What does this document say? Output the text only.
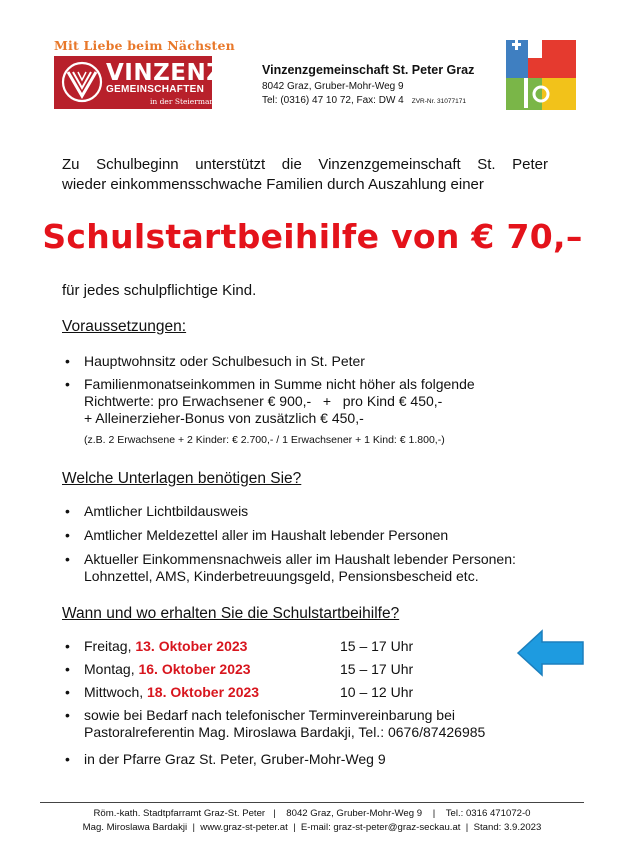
Mit Liebe beim Nächsten
VINZENZ
GEMEINSCHAFTEN
in der Steiermark
Vinzenzgemeinschaft St. Peter Graz
8042 Graz, Gruber-Mohr-Weg 9
Tel: (0316) 47 10 72, Fax: DW 4 ZVR-Nr. 31077171
Zu Schulbeginn unterstützt die Vinzenzgemeinschaft St. Peter
wieder einkommensschwache Familien durch Auszahlung einer
Schulstartbeihilfe von € 70,–
für jedes schulpflichtige Kind.
Voraussetzungen:
• Hauptwohnsitz oder Schulbesuch in St. Peter
• Familienmonatseinkommen in Summe nicht höher als folgende
Richtwerte: pro Erwachsener € 900,-   +   pro Kind € 450,-
+ Alleinerzieher-Bonus von zusätzlich € 450,-
(z.B. 2 Erwachsene + 2 Kinder: € 2.700,- / 1 Erwachsener + 1 Kind: € 1.800,-)
Welche Unterlagen benötigen Sie?
• Amtlicher Lichtbildausweis
• Amtlicher Meldezettel aller im Haushalt lebender Personen
• Aktueller Einkommensnachweis aller im Haushalt lebender Personen:
Lohnzettel, AMS, Kinderbetreuungsgeld, Pensionsbescheid etc.
Wann und wo erhalten Sie die Schulstartbeihilfe?
• Freitag, 13. Oktober 2023	15 – 17 Uhr
• Montag, 16. Oktober 2023	15 – 17 Uhr
• Mittwoch, 18. Oktober 2023	10 – 12 Uhr
• sowie bei Bedarf nach telefonischer Terminvereinbarung bei
Pastoralreferentin Mag. Miroslawa Bardakji, Tel.: 0676/87426985
• in der Pfarre Graz St. Peter, Gruber-Mohr-Weg 9
Röm.-kath. Stadtpfarramt Graz-St. Peter   |    8042 Graz, Gruber-Mohr-Weg 9    |    Tel.: 0316 471072-0
Mag. Miroslawa Bardakji  |  www.graz-st-peter.at  |  E-mail: graz-st-peter@graz-seckau.at  |  Stand: 3.9.2023
